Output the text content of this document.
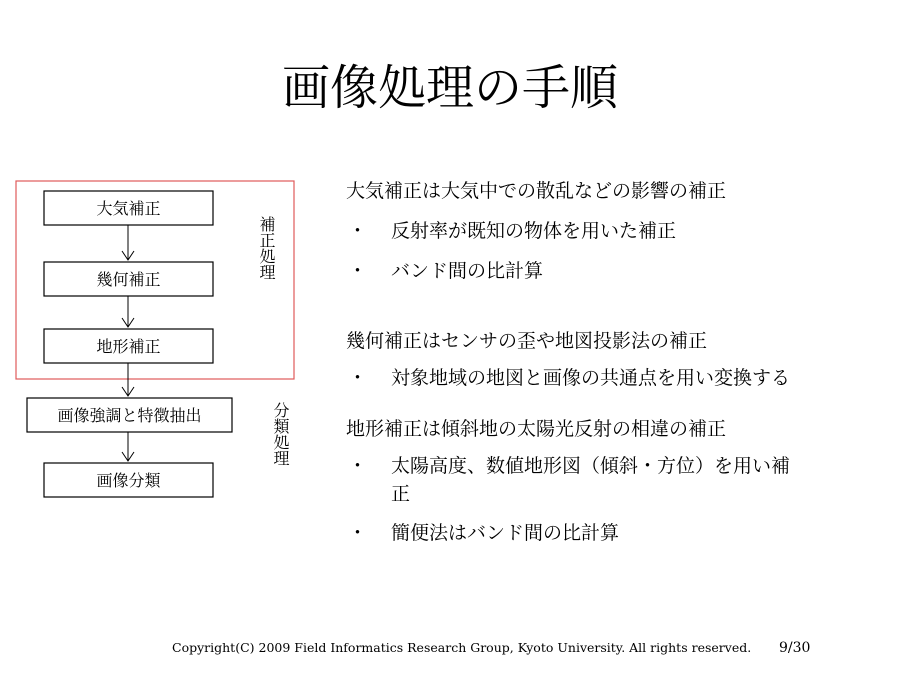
画像処理の手順
大気補正
幾何補正
地形補正
画像強調と特徴抽出
画像分類
補正処理
分類処理

大気補正は大気中での散乱などの影響の補正

・ 反射率が既知の物体を用いた補正

・ バンド間の比計算

幾何補正はセンサの歪や地図投影法の補正

・ 対象地域の地図と画像の共通点を用い変換する

地形補正は傾斜地の太陽光反射の相違の補正

・ 太陽高度、数値地形図（傾斜・方位）を用い補正

・ 簡便法はバンド間の比計算

Copyright(C) 2009 Field Informatics Research Group, Kyoto University. All rights reserved. 9/30
